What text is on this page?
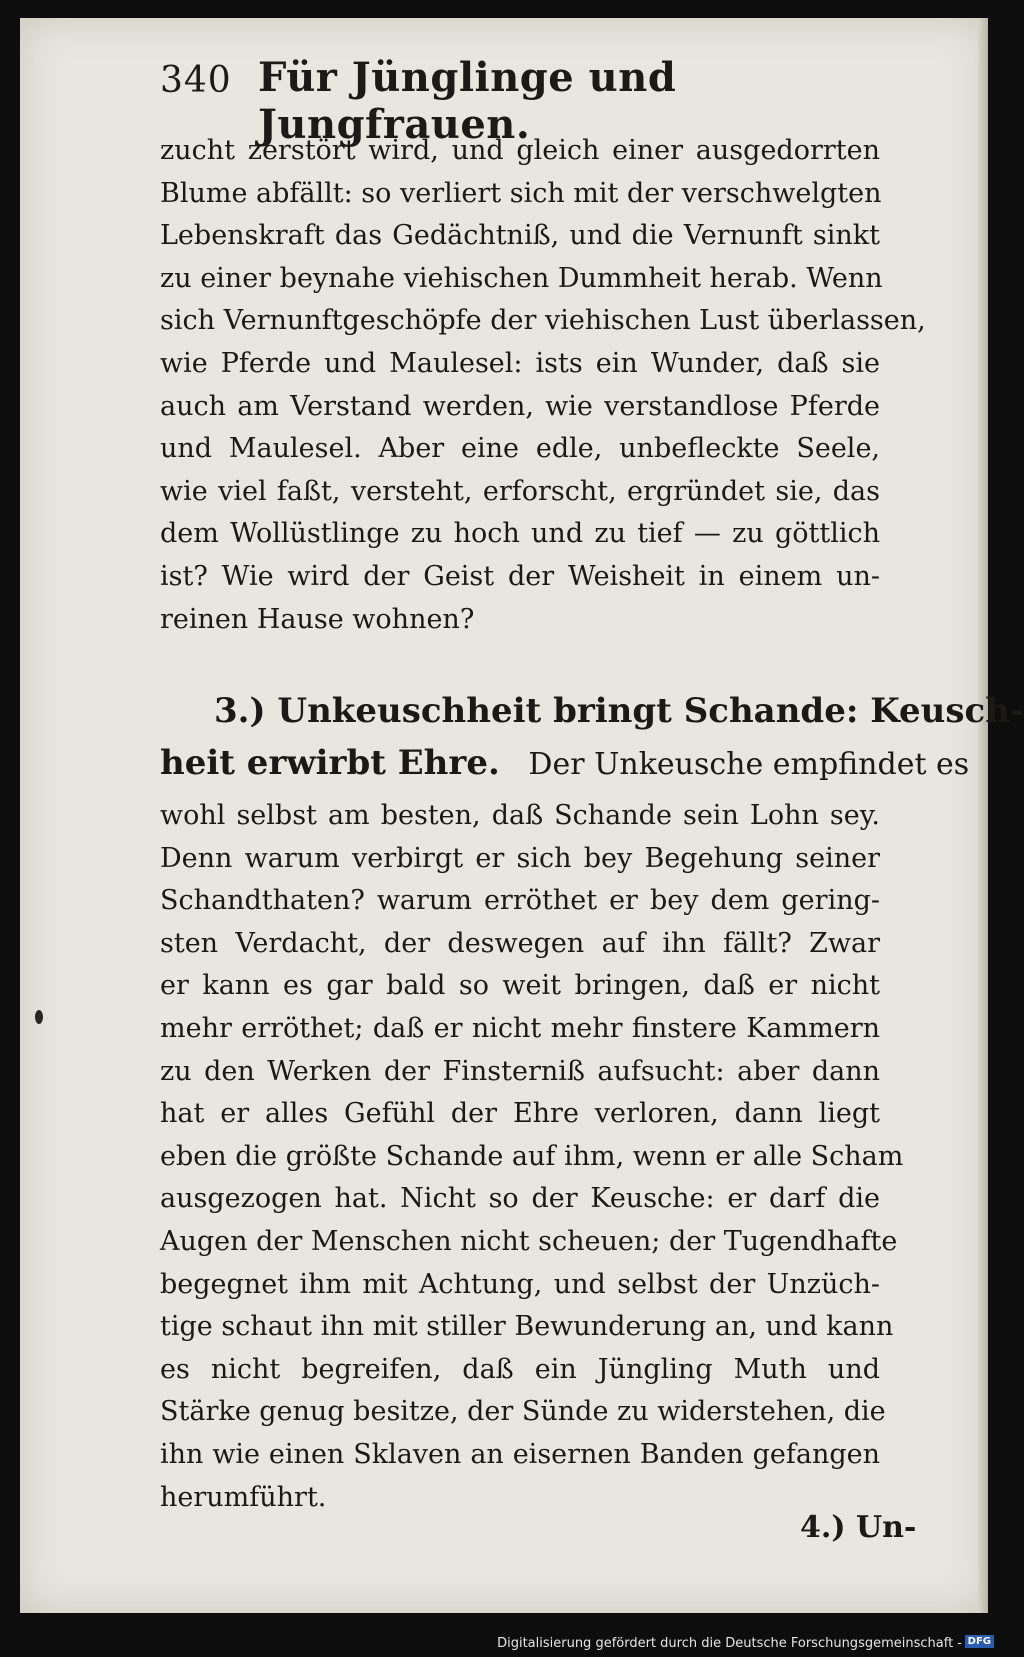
340 Für Jünglinge und Jungfrauen.
zucht zerstört wird, und gleich einer ausgedorrten
Blume abfällt: so verliert sich mit der verschwelgten
Lebenskraft das Gedächtniß, und die Vernunft sinkt
zu einer beynahe viehischen Dummheit herab. Wenn
sich Vernunftgeschöpfe der viehischen Lust überlassen,
wie Pferde und Maulesel: ists ein Wunder, daß sie
auch am Verstand werden, wie verstandlose Pferde
und Maulesel. Aber eine edle, unbefleckte Seele,
wie viel faßt, versteht, erforscht, ergründet sie, das
dem Wollüstlinge zu hoch und zu tief — zu göttlich
ist? Wie wird der Geist der Weisheit in einem un-
reinen Hause wohnen?
3.) Unkeuschheit bringt Schande: Keusch-
heit erwirbt Ehre. Der Unkeusche empfindet es
wohl selbst am besten, daß Schande sein Lohn sey.
Denn warum verbirgt er sich bey Begehung seiner
Schandthaten? warum erröthet er bey dem gering-
sten Verdacht, der deswegen auf ihn fällt? Zwar
er kann es gar bald so weit bringen, daß er nicht
mehr erröthet; daß er nicht mehr finstere Kammern
zu den Werken der Finsterniß aufsucht: aber dann
hat er alles Gefühl der Ehre verloren, dann liegt
eben die größte Schande auf ihm, wenn er alle Scham
ausgezogen hat. Nicht so der Keusche: er darf die
Augen der Menschen nicht scheuen; der Tugendhafte
begegnet ihm mit Achtung, und selbst der Unzüch-
tige schaut ihn mit stiller Bewunderung an, und kann
es nicht begreifen, daß ein Jüngling Muth und
Stärke genug besitze, der Sünde zu widerstehen, die
ihn wie einen Sklaven an eisernen Banden gefangen
herumführt.
4.) Un-
Digitalisierung gefördert durch die Deutsche Forschungsgemeinschaft - DFG
